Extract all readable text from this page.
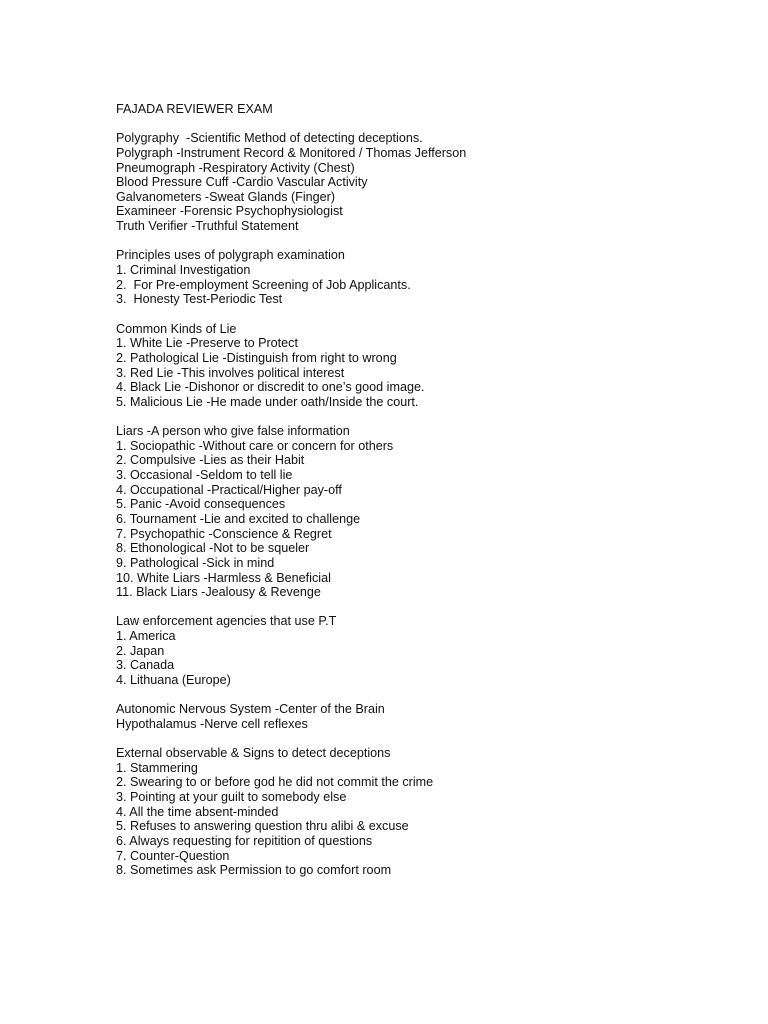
FAJADA REVIEWER EXAM
Polygraphy  -Scientific Method of detecting deceptions.
Polygraph -Instrument Record & Monitored / Thomas Jefferson
Pneumograph -Respiratory Activity (Chest)
Blood Pressure Cuff -Cardio Vascular Activity
Galvanometers -Sweat Glands (Finger)
Examineer -Forensic Psychophysiologist
Truth Verifier -Truthful Statement
Principles uses of polygraph examination
1. Criminal Investigation
2.  For Pre-employment Screening of Job Applicants.
3.  Honesty Test-Periodic Test
Common Kinds of Lie
1. White Lie -Preserve to Protect
2. Pathological Lie -Distinguish from right to wrong
3. Red Lie -This involves political interest
4. Black Lie -Dishonor or discredit to one’s good image.
5. Malicious Lie -He made under oath/Inside the court.
Liars -A person who give false information
1. Sociopathic -Without care or concern for others
2. Compulsive -Lies as their Habit
3. Occasional -Seldom to tell lie
4. Occupational -Practical/Higher pay-off
5. Panic -Avoid consequences
6. Tournament -Lie and excited to challenge
7. Psychopathic -Conscience & Regret
8. Ethonological -Not to be squeler
9. Pathological -Sick in mind
10. White Liars -Harmless & Beneficial
11. Black Liars -Jealousy & Revenge
Law enforcement agencies that use P.T
1. America
2. Japan
3. Canada
4. Lithuana (Europe)
Autonomic Nervous System -Center of the Brain
Hypothalamus -Nerve cell reflexes
External observable & Signs to detect deceptions
1. Stammering
2. Swearing to or before god he did not commit the crime
3. Pointing at your guilt to somebody else
4. All the time absent-minded
5. Refuses to answering question thru alibi & excuse
6. Always requesting for repitition of questions
7. Counter-Question
8. Sometimes ask Permission to go comfort room
